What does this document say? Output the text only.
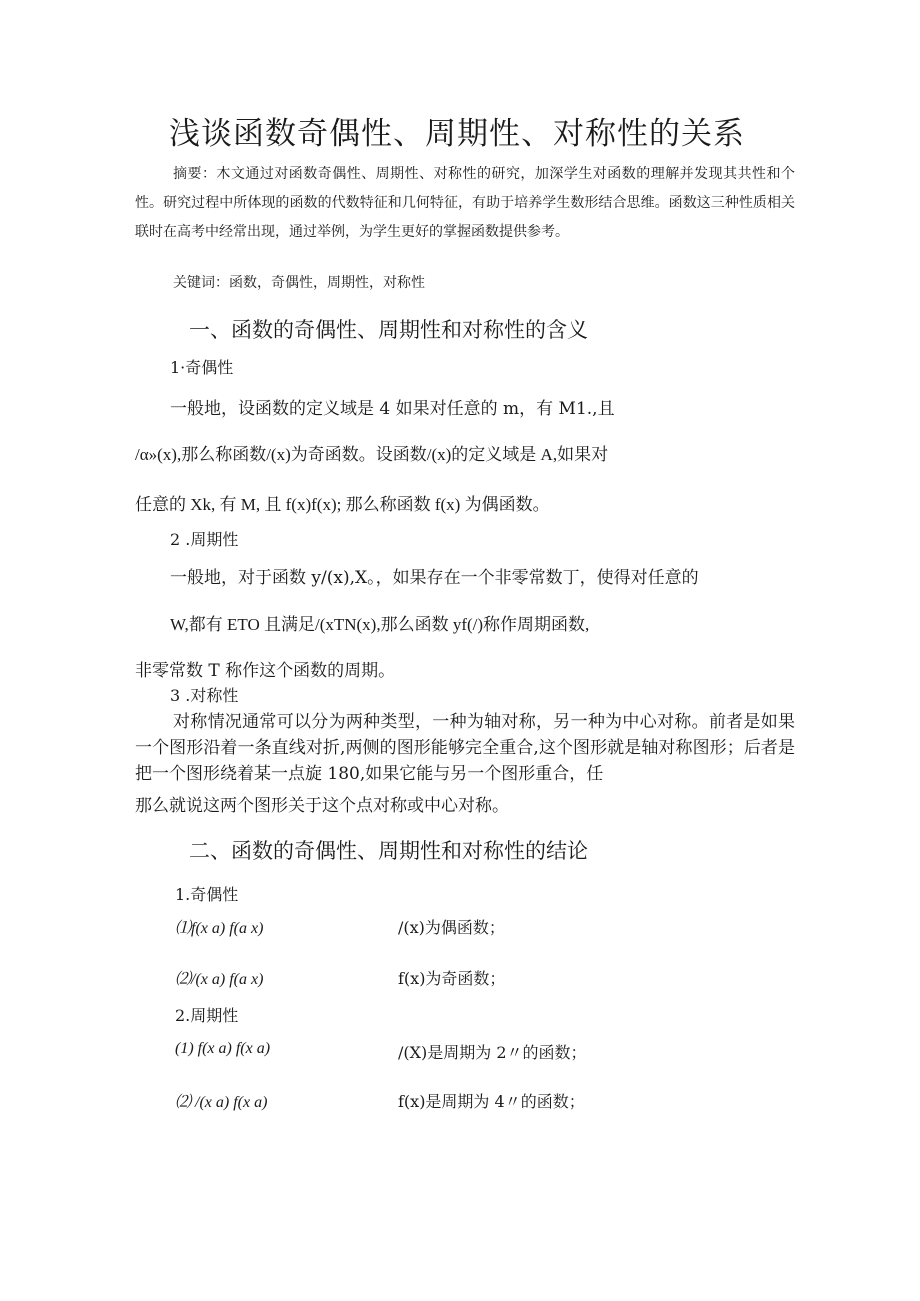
浅谈函数奇偶性、周期性、对称性的关系
摘要：木文通过对函数奇偶性、周期性、对称性的研究，加深学生对函数的理解并发现其共性和个性。研究过程中所体现的函数的代数特征和几何特征，有助于培养学生数形结合思维。函数这三种性质相关联时在高考中经常出现，通过举例，为学生更好的掌握函数提供参考。
关键词：函数，奇偶性，周期性，对称性
一、函数的奇偶性、周期性和对称性的含义
1·奇偶性
一般地，设函数的定义域是 4 如果对任意的 m，有 M1.,且
/α»(x),那么称函数/(x)为奇函数。设函数/(x)的定义域是 A,如果对
任意的 Xk, 有 M, 且 f(x)f(x); 那么称函数 f(x) 为偶函数。
2 .周期性
一般地，对于函数 y/(x),X。，如果存在一个非零常数丁，使得对任意的
W,都有 ETO 且满足/(xTN(x),那么函数 yf(/)称作周期函数,
非零常数 T 称作这个函数的周期。
3 .对称性
对称情况通常可以分为两种类型，一种为轴对称，另一种为中心对称。前者是如果一个图形沿着一条直线对折,两侧的图形能够完全重合,这个图形就是轴对称图形；后者是把一个图形绕着某一点旋 180,如果它能与另一个图形重合，任
那么就说这两个图形关于这个点对称或中心对称。
二、函数的奇偶性、周期性和对称性的结论
1.奇偶性
⑴f(x a) f(a x)	/(x)为偶函数；
⑵/(x a) f(a x)	f(x)为奇函数；
2.周期性
(1) f(x a) f(x a)	/(X)是周期为 2〃的函数；
⑵ /(x a) f(x a)	f(x)是周期为 4〃的函数；
